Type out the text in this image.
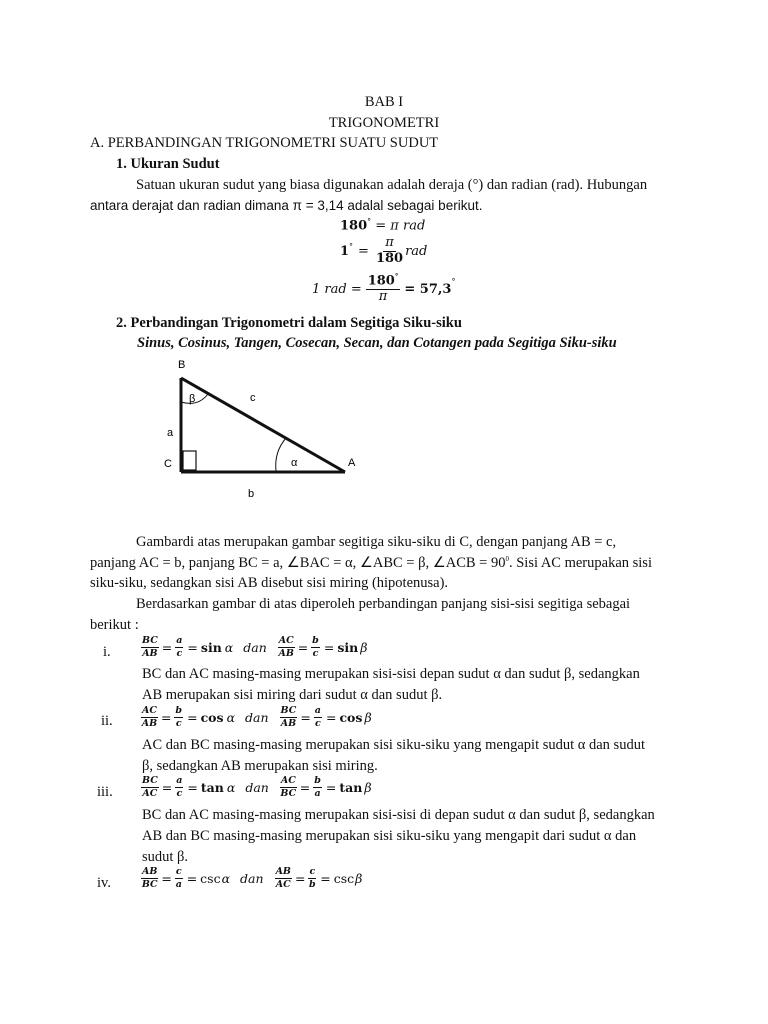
BAB I
TRIGONOMETRI
A. PERBANDINGAN TRIGONOMETRI SUATU SUDUT
1. Ukuran Sudut
Satuan ukuran sudut yang biasa digunakan adalah deraja (°) dan radian (rad). Hubungan
antara derajat dan radian dimana π = 3,14 adalal sebagai berikut.
180° = π rad
$1^\circ = \frac{\pi}{180}$ rad
1 rad = $\frac{180^\circ}{\pi} = 57,3$
°
2. Perbandingan Trigonometri dalam Segitiga Siku-siku
Sinus, Cosinus, Tangen, Cosecan, Secan, dan Cotangen pada Segitiga Siku-siku
B
C	A
a
b
c
β
α
Gambardi atas merupakan gambar segitiga siku-siku di C, dengan panjang AB = c,
panjang AC = b, panjang BC = a, ∠BAC = α, ∠ABC = β, ∠ACB = $90^0$. Sisi AC merupakan sisi
siku-siku, sedangkan sisi AB disebut sisi miring (hipotenusa).
Berdasarkan gambar di atas diperoleh perbandingan panjang sisi-sisi segitiga sebagai
berikut :
i.	$\frac{BC}{AB} = \frac{a}{c} = \sin \alpha$ dan $\frac{AC}{AB} = \frac{b}{c} = \sin \beta$
BC dan AC masing-masing merupakan sisi-sisi depan sudut α dan sudut β, sedangkan
AB merupakan sisi miring dari sudut α dan sudut β.
ii.	$\frac{AC}{AB} = \frac{b}{c} = \cos \alpha$ dan $\frac{BC}{AB} = \frac{a}{c} = \cos \beta$
AC dan BC masing-masing merupakan sisi siku-siku yang mengapit sudut α dan sudut
β, sedangkan AB merupakan sisi miring.
iii.	$\frac{BC}{AC} = \frac{a}{c} = \tan \alpha$ dan $\frac{AC}{BC} = \frac{b}{a} = \tan \beta$
BC dan AC masing-masing merupakan sisi-sisi di depan sudut α dan sudut β, sedangkan
AB dan BC masing-masing merupakan sisi siku-siku yang mengapit dari sudut α dan
sudut β.
iv.	$\frac{AB}{BC} = \frac{c}{a} = \csc \alpha$ dan $\frac{AB}{AC} = \frac{c}{b} = \csc \beta$
